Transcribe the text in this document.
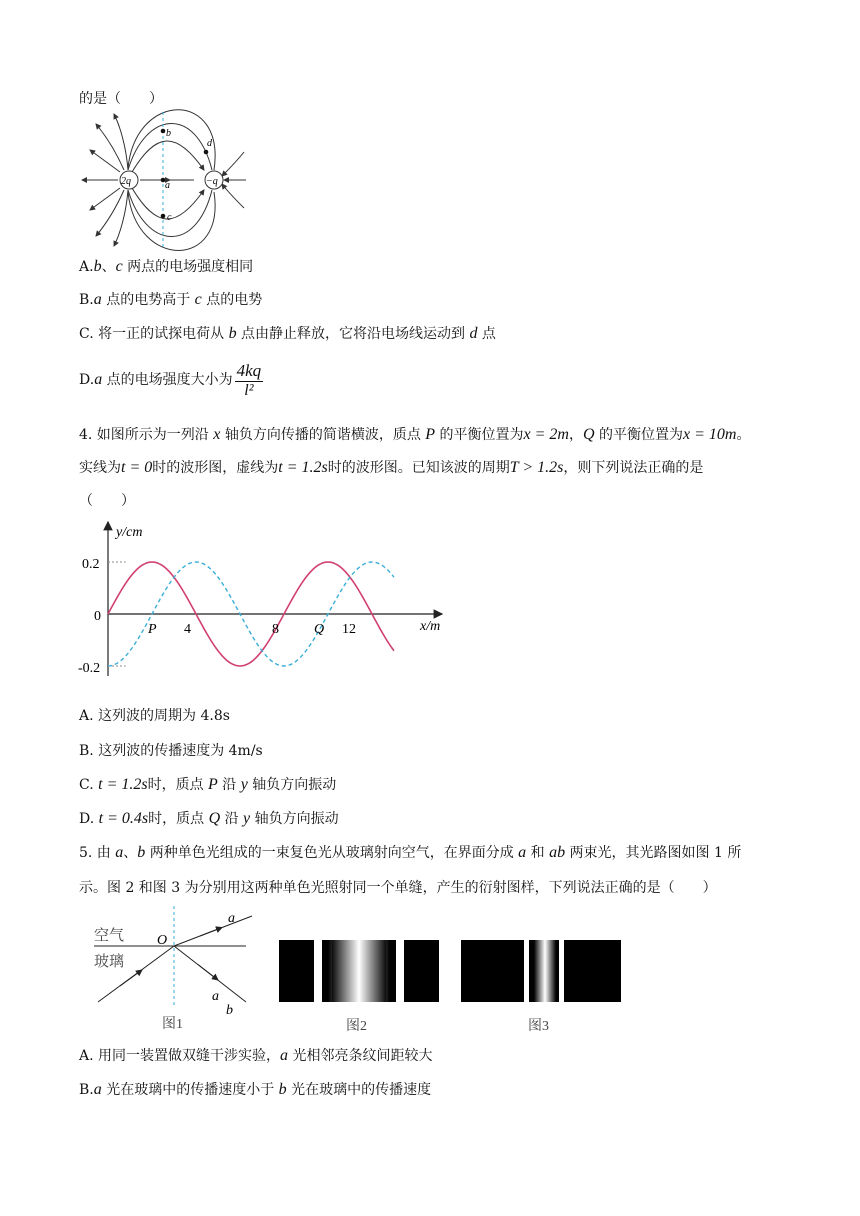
的是（　　）
2q	−q
a
b
c
d
A.b、c 两点的电场强度相同
B.a 点的电势高于 c 点的电势
C. 将一正的试探电荷从 b 点由静止释放，它将沿电场线运动到 d 点
D.a 点的电场强度大小为 $\frac{4kq}{\text{l²}}$
4. 如图所示为一列沿 x 轴负方向传播的简谐横波，质点 P 的平衡位置为x = 2m，Q 的平衡位置为x = 10m。
实线为t = 0时的波形图，虚线为t = 1.2s时的波形图。已知该波的周期T > 1.2s，则下列说法正确的是
（　　）
y/cm
x/m
0.2
0
-0.2
4	8	12
P	Q
A. 这列波的周期为 4.8s
B. 这列波的传播速度为 4m/s
C. t = 1.2s时，质点 P 沿 y 轴负方向振动
D. t = 0.4s时，质点 Q 沿 y 轴负方向振动
5. 由 a、b 两种单色光组成的一束复色光从玻璃射向空气，在界面分成 a 和 ab 两束光，其光路图如图 1 所
示。图 2 和图 3 为分别用这两种单色光照射同一个单缝，产生的衍射图样，下列说法正确的是（　　）
空气
玻璃
O
a
a
b
图1	图2	图3
A. 用同一装置做双缝干涉实验，a 光相邻亮条纹间距较大
B.a 光在玻璃中的传播速度小于 b 光在玻璃中的传播速度
